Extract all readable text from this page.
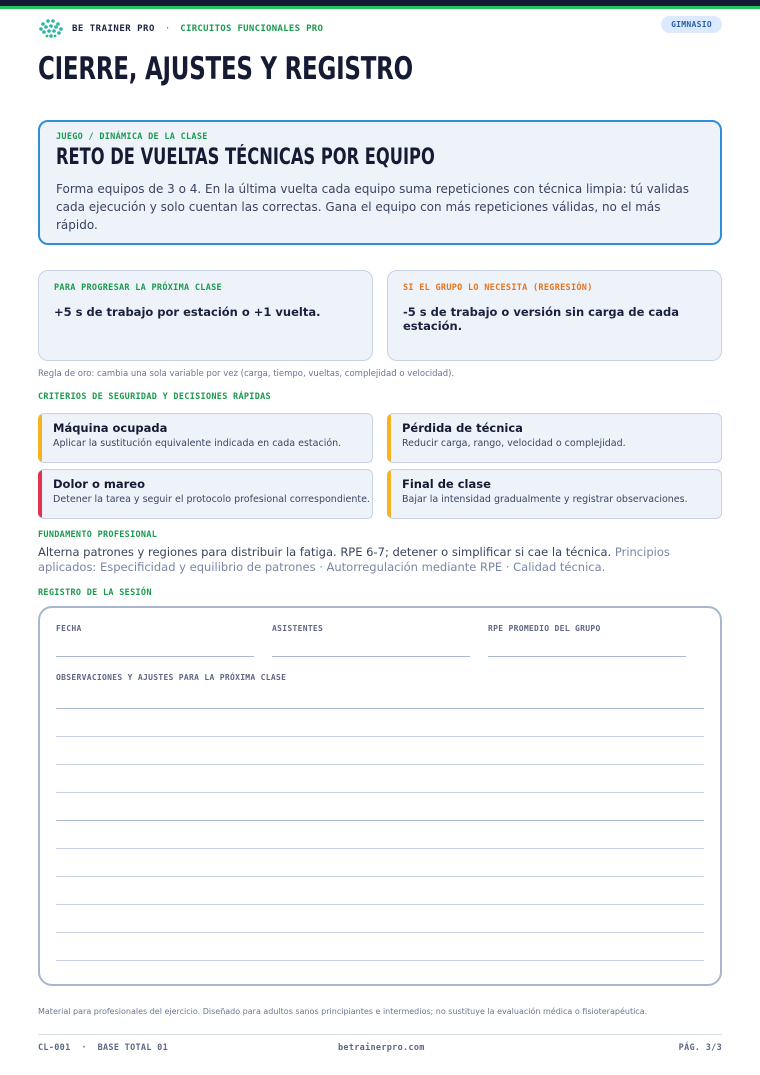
BE TRAINER PRO · CIRCUITOS FUNCIONALES PRO	GIMNASIO
CIERRE, AJUSTES Y REGISTRO
JUEGO / DINÁMICA DE LA CLASE
RETO DE VUELTAS TÉCNICAS POR EQUIPO
Forma equipos de 3 o 4. En la última vuelta cada equipo suma repeticiones con técnica limpia: tú validas cada ejecución y solo cuentan las correctas. Gana el equipo con más repeticiones válidas, no el más rápido.
PARA PROGRESAR LA PRÓXIMA CLASE
+5 s de trabajo por estación o +1 vuelta.
SI EL GRUPO LO NECESITA (REGRESIÓN)
-5 s de trabajo o versión sin carga de cada estación.
Regla de oro: cambia una sola variable por vez (carga, tiempo, vueltas, complejidad o velocidad).
CRITERIOS DE SEGURIDAD Y DECISIONES RÁPIDAS
Máquina ocupada
Aplicar la sustitución equivalente indicada en cada estación.
Pérdida de técnica
Reducir carga, rango, velocidad o complejidad.
Dolor o mareo
Detener la tarea y seguir el protocolo profesional correspondiente.
Final de clase
Bajar la intensidad gradualmente y registrar observaciones.
FUNDAMENTO PROFESIONAL
Alterna patrones y regiones para distribuir la fatiga. RPE 6-7; detener o simplificar si cae la técnica. Principios aplicados: Especificidad y equilibrio de patrones · Autorregulación mediante RPE · Calidad técnica.
REGISTRO DE LA SESIÓN
FECHA	ASISTENTES	RPE PROMEDIO DEL GRUPO
OBSERVACIONES Y AJUSTES PARA LA PRÓXIMA CLASE
Material para profesionales del ejercicio. Diseñado para adultos sanos principiantes e intermedios; no sustituye la evaluación médica o fisioterapéutica.
CL-001  ·  BASE TOTAL 01	betrainerpro.com	PÁG. 3/3
